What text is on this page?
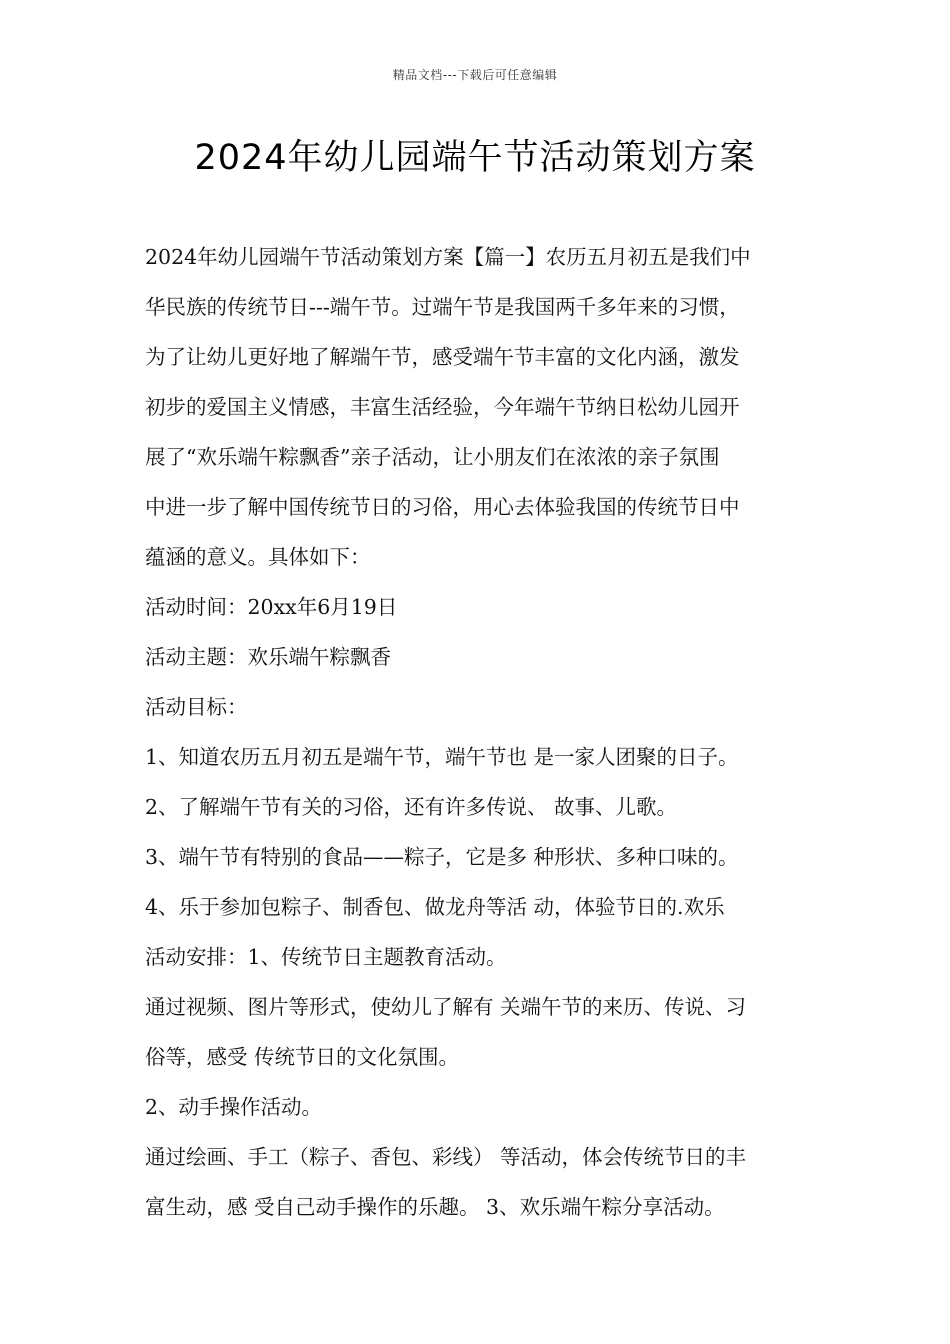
精品文档---下载后可任意编辑
2024年幼儿园端午节活动策划方案

2024年幼儿园端午节活动策划方案【篇一】农历五月初五是我们中

华民族的传统节日---端午节。过端午节是我国两千多年来的习惯，

为了让幼儿更好地了解端午节，感受端午节丰富的文化内涵，激发

初步的爱国主义情感，丰富生活经验，今年端午节纳日松幼儿园开

展了“欢乐端午粽飘香”亲子活动，让小朋友们在浓浓的亲子氛围

中进一步了解中国传统节日的习俗，用心去体验我国的传统节日中

蕴涵的意义。具体如下：

活动时间：20xx年6月19日

活动主题：欢乐端午粽飘香

活动目标：

1、知道农历五月初五是端午节，端午节也 是一家人团聚的日子。

2、了解端午节有关的习俗，还有许多传说、 故事、儿歌。

3、端午节有特别的食品——粽子，它是多 种形状、多种口味的。

4、乐于参加包粽子、制香包、做龙舟等活 动，体验节日的.欢乐

活动安排：1、传统节日主题教育活动。

通过视频、图片等形式，使幼儿了解有 关端午节的来历、传说、习

俗等，感受 传统节日的文化氛围。

2、动手操作活动。

通过绘画、手工（粽子、香包、彩线） 等活动，体会传统节日的丰

富生动，感 受自己动手操作的乐趣。 3、欢乐端午粽分享活动。
